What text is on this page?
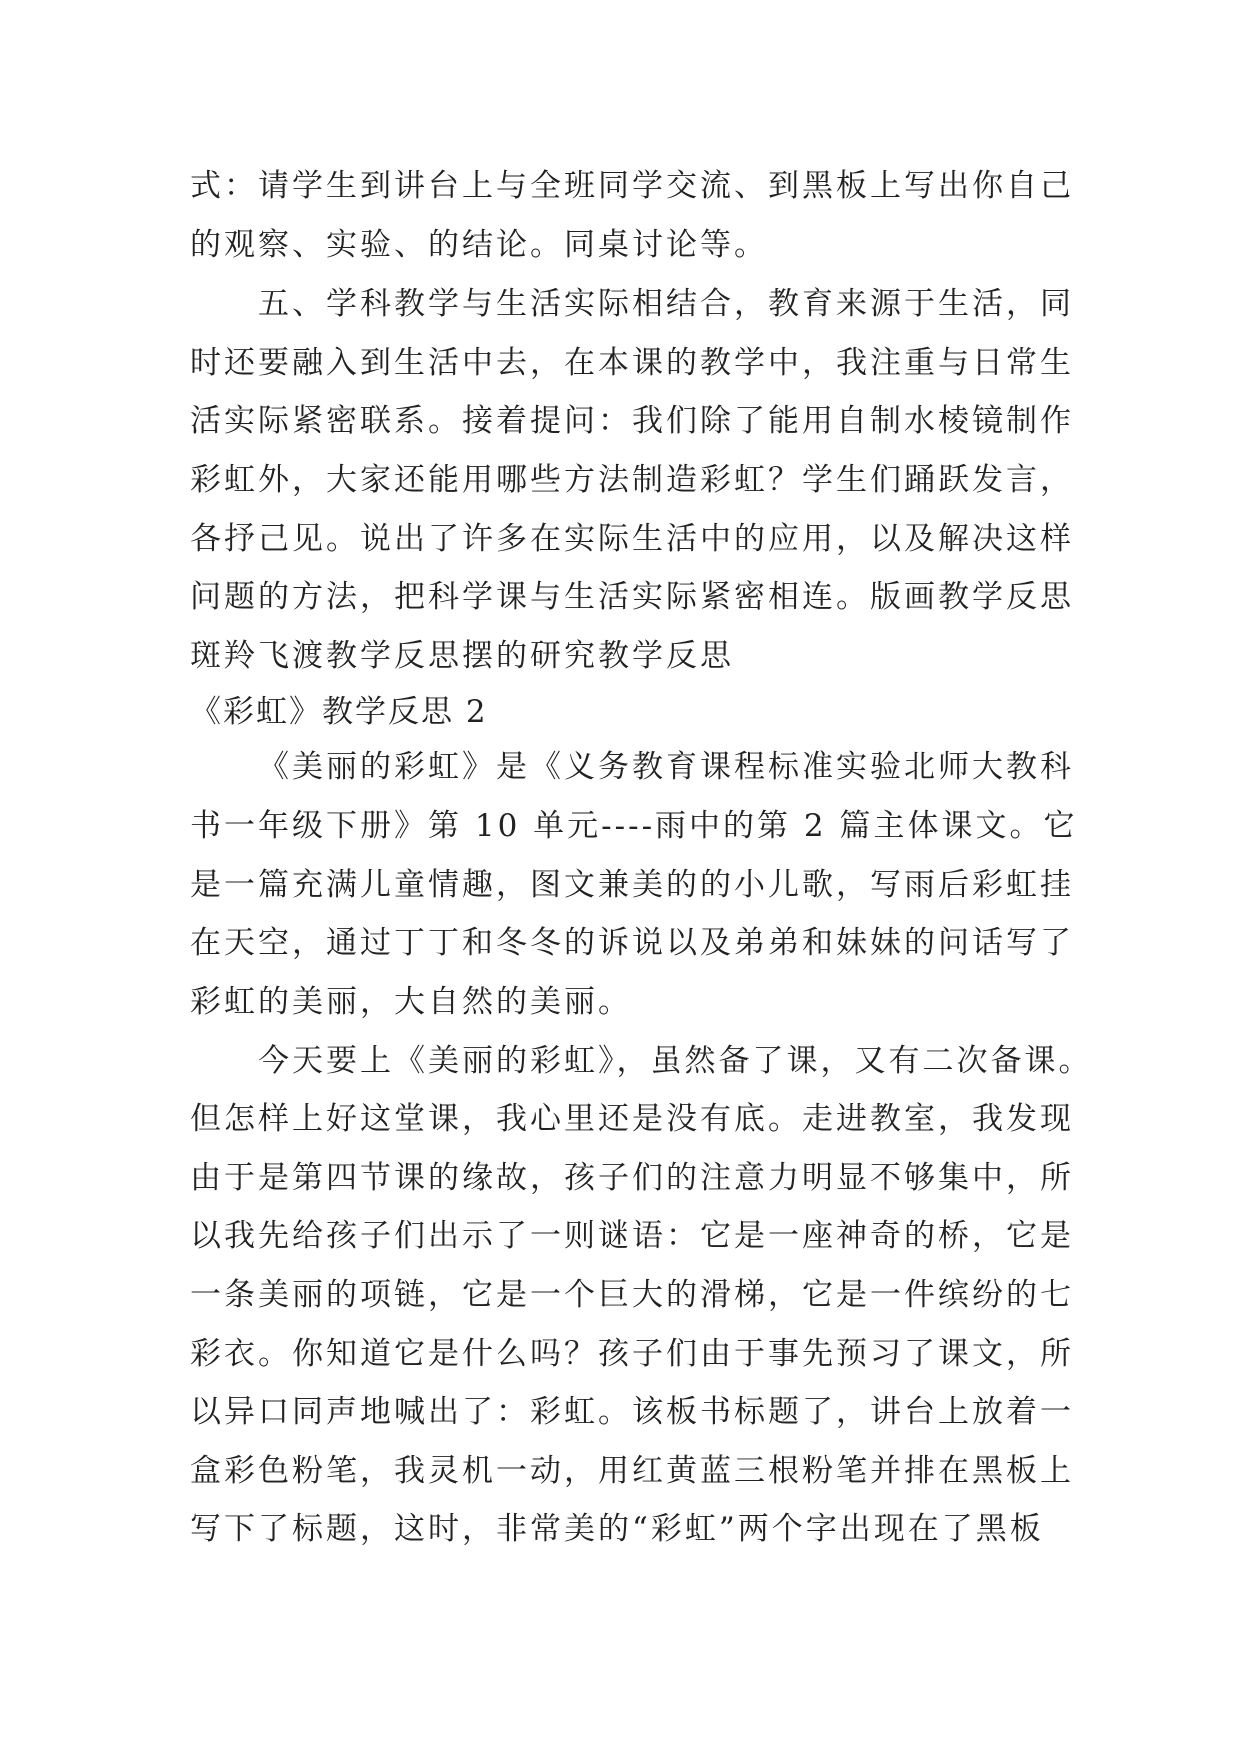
式：请学生到讲台上与全班同学交流、到黑板上写出你自己

的观察、实验、的结论。同桌讨论等。

五、学科教学与生活实际相结合，教育来源于生活，同

时还要融入到生活中去，在本课的教学中，我注重与日常生

活实际紧密联系。接着提问：我们除了能用自制水棱镜制作

彩虹外，大家还能用哪些方法制造彩虹？学生们踊跃发言，

各抒己见。说出了许多在实际生活中的应用，以及解决这样

问题的方法，把科学课与生活实际紧密相连。版画教学反思

斑羚飞渡教学反思摆的研究教学反思

《彩虹》教学反思 2

《美丽的彩虹》是《义务教育课程标准实验北师大教科

书一年级下册》第 10 单元----雨中的第 2 篇主体课文。它

是一篇充满儿童情趣，图文兼美的的小儿歌，写雨后彩虹挂

在天空，通过丁丁和冬冬的诉说以及弟弟和妹妹的问话写了

彩虹的美丽，大自然的美丽。

今天要上《美丽的彩虹》，虽然备了课，又有二次备课。

但怎样上好这堂课，我心里还是没有底。走进教室，我发现

由于是第四节课的缘故，孩子们的注意力明显不够集中，所

以我先给孩子们出示了一则谜语：它是一座神奇的桥，它是

一条美丽的项链，它是一个巨大的滑梯，它是一件缤纷的七

彩衣。你知道它是什么吗？孩子们由于事先预习了课文，所

以异口同声地喊出了：彩虹。该板书标题了，讲台上放着一

盒彩色粉笔，我灵机一动，用红黄蓝三根粉笔并排在黑板上

写下了标题，这时，非常美的“彩虹”两个字出现在了黑板
